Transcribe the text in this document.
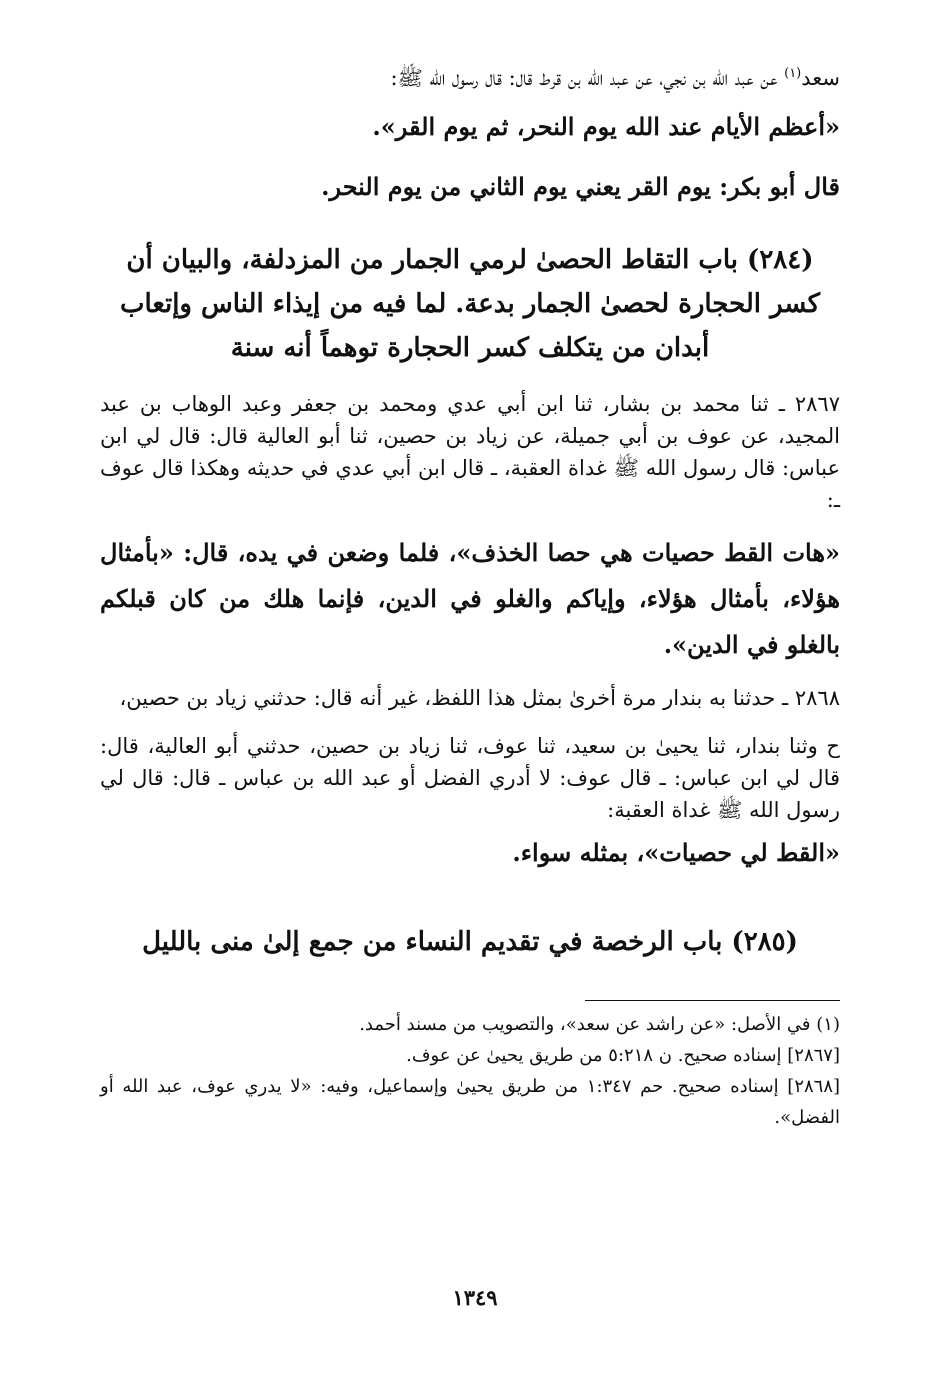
سعد$^{(١)}$ عن عبد الله بن نجي، عن عبد الله بن قرط قال: قال رسول الله ﷺ:

«أعظم الأيام عند الله يوم النحر، ثم يوم القر».

قال أبو بكر: يوم القر يعني يوم الثاني من يوم النحر.

(٢٨٤) باب التقاط الحصىٰ لرمي الجمار من المزدلفة، والبيان أن كسر الحجارة لحصىٰ الجمار بدعة. لما فيه من إيذاء الناس وإتعاب أبدان من يتكلف كسر الحجارة توهماً أنه سنة

٢٨٦٧ ـ ثنا محمد بن بشار، ثنا ابن أبي عدي ومحمد بن جعفر وعبد الوهاب بن عبد المجيد، عن عوف بن أبي جميلة، عن زياد بن حصين، ثنا أبو العالية قال: قال لي ابن عباس: قال رسول الله ﷺ غداة العقبة، ـ قال ابن أبي عدي في حديثه وهكذا قال عوف ـ:

«هات القط حصيات هي حصا الخذف»، فلما وضعن في يده، قال: «بأمثال هؤلاء، بأمثال هؤلاء، وإياكم والغلو في الدين، فإنما هلك من كان قبلكم بالغلو في الدين».

٢٨٦٨ ـ حدثنا به بندار مرة أخرىٰ بمثل هذا اللفظ، غير أنه قال: حدثني زياد بن حصين،

ح وثنا بندار، ثنا يحيىٰ بن سعيد، ثنا عوف، ثنا زياد بن حصين، حدثني أبو العالية، قال: قال لي ابن عباس: ـ قال عوف: لا أدري الفضل أو عبد الله بن عباس ـ قال: قال لي رسول الله ﷺ غداة العقبة:

«القط لي حصيات»، بمثله سواء.

(٢٨٥) باب الرخصة في تقديم النساء من جمع إلىٰ منى بالليل

(١) في الأصل: «عن راشد عن سعد»، والتصويب من مسند أحمد.

[٢٨٦٧] إسناده صحيح. ن ٥:٢١٨ من طريق يحيىٰ عن عوف.

[٢٨٦٨] إسناده صحيح. حم ١:٣٤٧ من طريق يحيىٰ وإسماعيل، وفيه: «لا يدري عوف، عبد الله أو الفضل».

١٣٤٩
